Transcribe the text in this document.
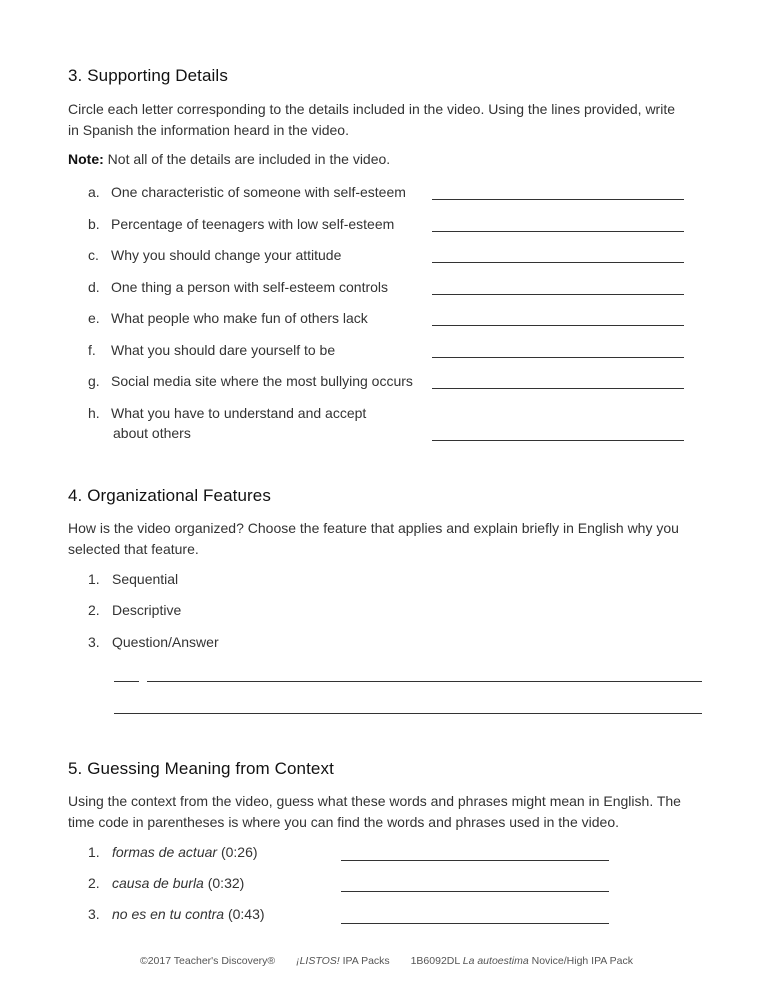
3. Supporting Details
Circle each letter corresponding to the details included in the video. Using the lines provided, write
in Spanish the information heard in the video.
Note: Not all of the details are included in the video.
a. One characteristic of someone with self-esteem
b. Percentage of teenagers with low self-esteem
c. Why you should change your attitude
d. One thing a person with self-esteem controls
e. What people who make fun of others lack
f. What you should dare yourself to be
g. Social media site where the most bullying occurs
h. What you have to understand and accept
about others
4. Organizational Features
How is the video organized? Choose the feature that applies and explain briefly in English why you
selected that feature.
1. Sequential
2. Descriptive
3. Question/Answer
5. Guessing Meaning from Context
Using the context from the video, guess what these words and phrases might mean in English. The
time code in parentheses is where you can find the words and phrases used in the video.
1. formas de actuar (0:26)
2. causa de burla (0:32)
3. no es en tu contra (0:43)
©2017 Teacher's Discovery® ¡LISTOS! IPA Packs 1B6092DL La autoestima Novice/High IPA Pack
